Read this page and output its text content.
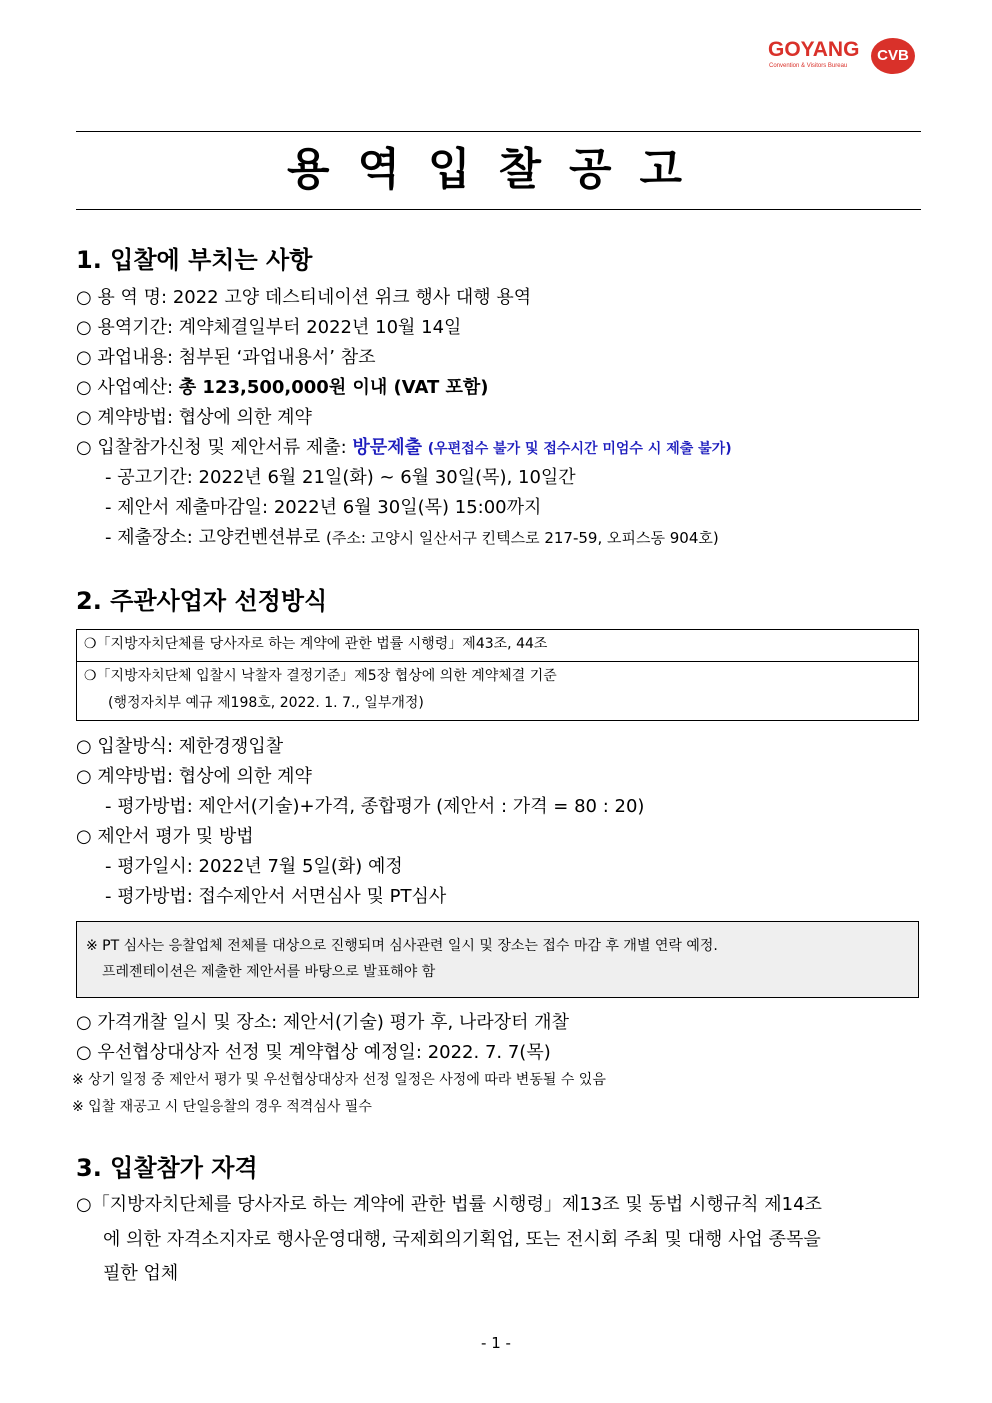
GOYANG
Convention & Visitors Bureau
CVB
용역입찰공고
1. 입찰에 부치는 사항
○ 용 역 명: 2022 고양 데스티네이션 위크 행사 대행 용역
○ 용역기간: 계약체결일부터 2022년 10월 14일
○ 과업내용: 첨부된 ‘과업내용서’ 참조
○ 사업예산: 총 123,500,000원 이내 (VAT 포함)
○ 계약방법: 협상에 의한 계약
○ 입찰참가신청 및 제안서류 제출: 방문제출 (우편접수 불가 및 접수시간 미엄수 시 제출 불가)
- 공고기간: 2022년 6월 21일(화) ~ 6월 30일(목), 10일간
- 제안서 제출마감일: 2022년 6월 30일(목) 15:00까지
- 제출장소: 고양컨벤션뷰로 (주소: 고양시 일산서구 킨텍스로 217-59, 오피스동 904호)
2. 주관사업자 선정방식
❍「지방자치단체를 당사자로 하는 계약에 관한 법률 시행령」제43조, 44조
❍「지방자치단체 입찰시 낙찰자 결정기준」제5장 협상에 의한 계약체결 기준
(행정자치부 예규 제198호, 2022. 1. 7., 일부개정)
○ 입찰방식: 제한경쟁입찰
○ 계약방법: 협상에 의한 계약
- 평가방법: 제안서(기술)+가격, 종합평가 (제안서 : 가격 = 80 : 20)
○ 제안서 평가 및 방법
- 평가일시: 2022년 7월 5일(화) 예정
- 평가방법: 접수제안서 서면심사 및 PT심사
※ PT 심사는 응찰업체 전체를 대상으로 진행되며 심사관련 일시 및 장소는 접수 마감 후 개별 연락 예정.
프레젠테이션은 제출한 제안서를 바탕으로 발표해야 함
○ 가격개찰 일시 및 장소: 제안서(기술) 평가 후, 나라장터 개찰
○ 우선협상대상자 선정 및 계약협상 예정일: 2022. 7. 7(목)
※ 상기 일정 중 제안서 평가 및 우선협상대상자 선정 일정은 사정에 따라 변동될 수 있음
※ 입찰 재공고 시 단일응찰의 경우 적격심사 필수
3. 입찰참가 자격
○「지방자치단체를 당사자로 하는 계약에 관한 법률 시행령」제13조 및 동법 시행규칙 제14조
에 의한 자격소지자로 행사운영대행, 국제회의기획업, 또는 전시회 주최 및 대행 사업 종목을
필한 업체
- 1 -
